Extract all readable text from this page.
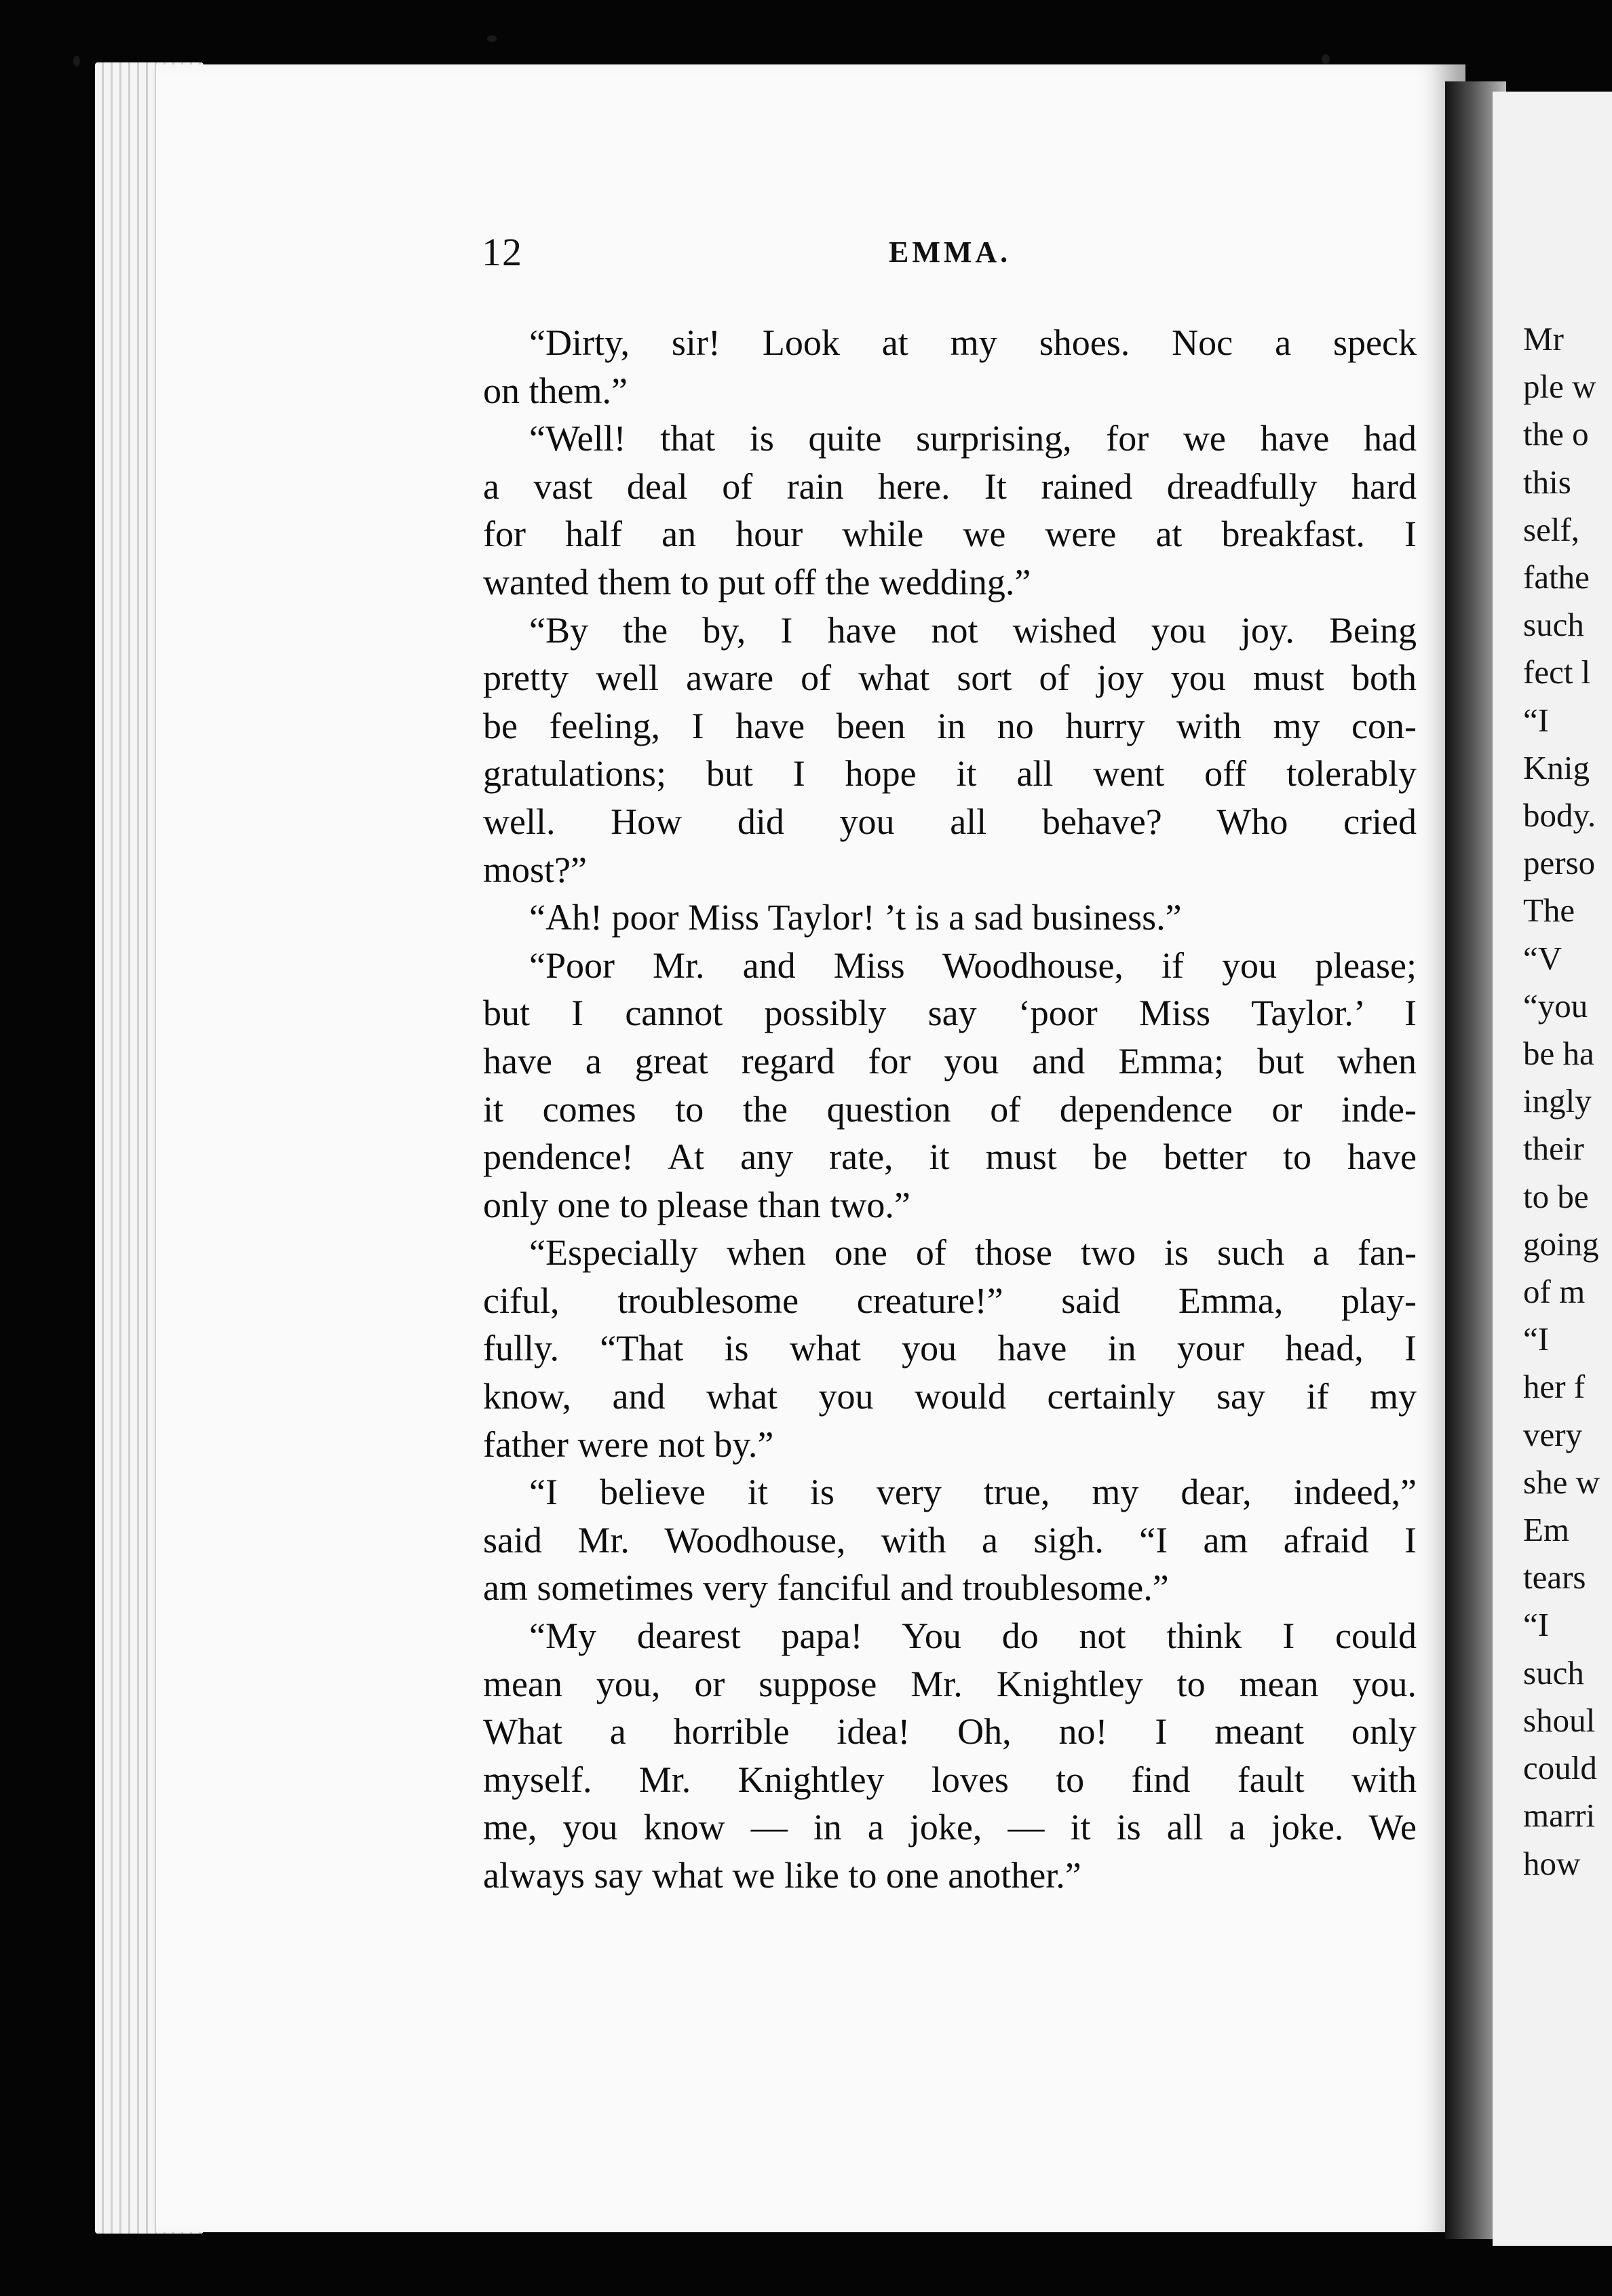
Mr
ple w
the o
this
self,
fathe
such
fect l
“I
Knig
body.
perso
The
“V
“you
be ha
ingly
their
to be
going
of m
“I
her f
very
she w
Em
tears
“I
such
shoul
could
marri
how
12	EMMA.
“Dirty, sir! Look at my shoes. Noc a speck
on them.”
“Well! that is quite surprising, for we have had
a vast deal of rain here. It rained dreadfully hard
for half an hour while we were at breakfast. I
wanted them to put off the wedding.”
“By the by, I have not wished you joy. Being
pretty well aware of what sort of joy you must both
be feeling, I have been in no hurry with my con-
gratulations; but I hope it all went off tolerably
well. How did you all behave? Who cried
most?”
“Ah! poor Miss Taylor! ’t is a sad business.”
“Poor Mr. and Miss Woodhouse, if you please;
but I cannot possibly say ‘poor Miss Taylor.’ I
have a great regard for you and Emma; but when
it comes to the question of dependence or inde-
pendence! At any rate, it must be better to have
only one to please than two.”
“Especially when one of those two is such a fan-
ciful, troublesome creature!” said Emma, play-
fully. “That is what you have in your head, I
know, and what you would certainly say if my
father were not by.”
“I believe it is very true, my dear, indeed,”
said Mr. Woodhouse, with a sigh. “I am afraid I
am sometimes very fanciful and troublesome.”
“My dearest papa! You do not think I could
mean you, or suppose Mr. Knightley to mean you.
What a horrible idea! Oh, no! I meant only
myself. Mr. Knightley loves to find fault with
me, you know — in a joke, — it is all a joke. We
always say what we like to one another.”
